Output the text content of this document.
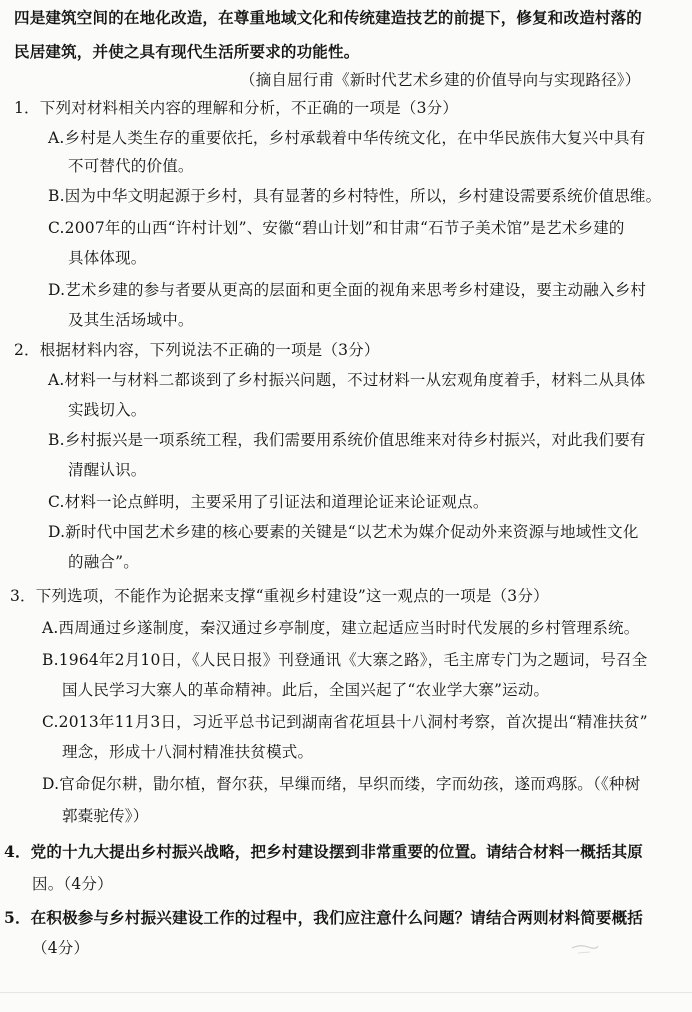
四是建筑空间的在地化改造，在尊重地域文化和传统建造技艺的前提下，修复和改造村落的
民居建筑，并使之具有现代生活所要求的功能性。
（摘自屈行甫《新时代艺术乡建的价值导向与实现路径》）
1．下列对材料相关内容的理解和分析，不正确的一项是（3分）
A.乡村是人类生存的重要依托，乡村承载着中华传统文化，在中华民族伟大复兴中具有
不可替代的价值。
B.因为中华文明起源于乡村，具有显著的乡村特性，所以，乡村建设需要系统价值思维。
C.2007年的山西“许村计划”、安徽“碧山计划”和甘肃“石节子美术馆”是艺术乡建的
具体体现。
D.艺术乡建的参与者要从更高的层面和更全面的视角来思考乡村建设，要主动融入乡村
及其生活场域中。
2．根据材料内容，下列说法不正确的一项是（3分）
A.材料一与材料二都谈到了乡村振兴问题，不过材料一从宏观角度着手，材料二从具体
实践切入。
B.乡村振兴是一项系统工程，我们需要用系统价值思维来对待乡村振兴，对此我们要有
清醒认识。
C.材料一论点鲜明，主要采用了引证法和道理论证来论证观点。
D.新时代中国艺术乡建的核心要素的关键是“以艺术为媒介促动外来资源与地域性文化
的融合”。
3．下列选项，不能作为论据来支撑“重视乡村建设”这一观点的一项是（3分）
A.西周通过乡遂制度，秦汉通过乡亭制度，建立起适应当时时代发展的乡村管理系统。
B.1964年2月10日，《人民日报》刊登通讯《大寨之路》，毛主席专门为之题词，号召全
国人民学习大寨人的革命精神。此后，全国兴起了“农业学大寨”运动。
C.2013年11月3日，习近平总书记到湖南省花垣县十八洞村考察，首次提出“精准扶贫”
理念，形成十八洞村精准扶贫模式。
D.官命促尔耕，勖尔植，督尔获，早缫而绪，早织而缕，字而幼孩，遂而鸡豚。（《种树
郭橐驼传》）
4．党的十九大提出乡村振兴战略，把乡村建设摆到非常重要的位置。请结合材料一概括其原
因。（4分）
5．在积极参与乡村振兴建设工作的过程中，我们应注意什么问题？请结合两则材料简要概括
（4分）
